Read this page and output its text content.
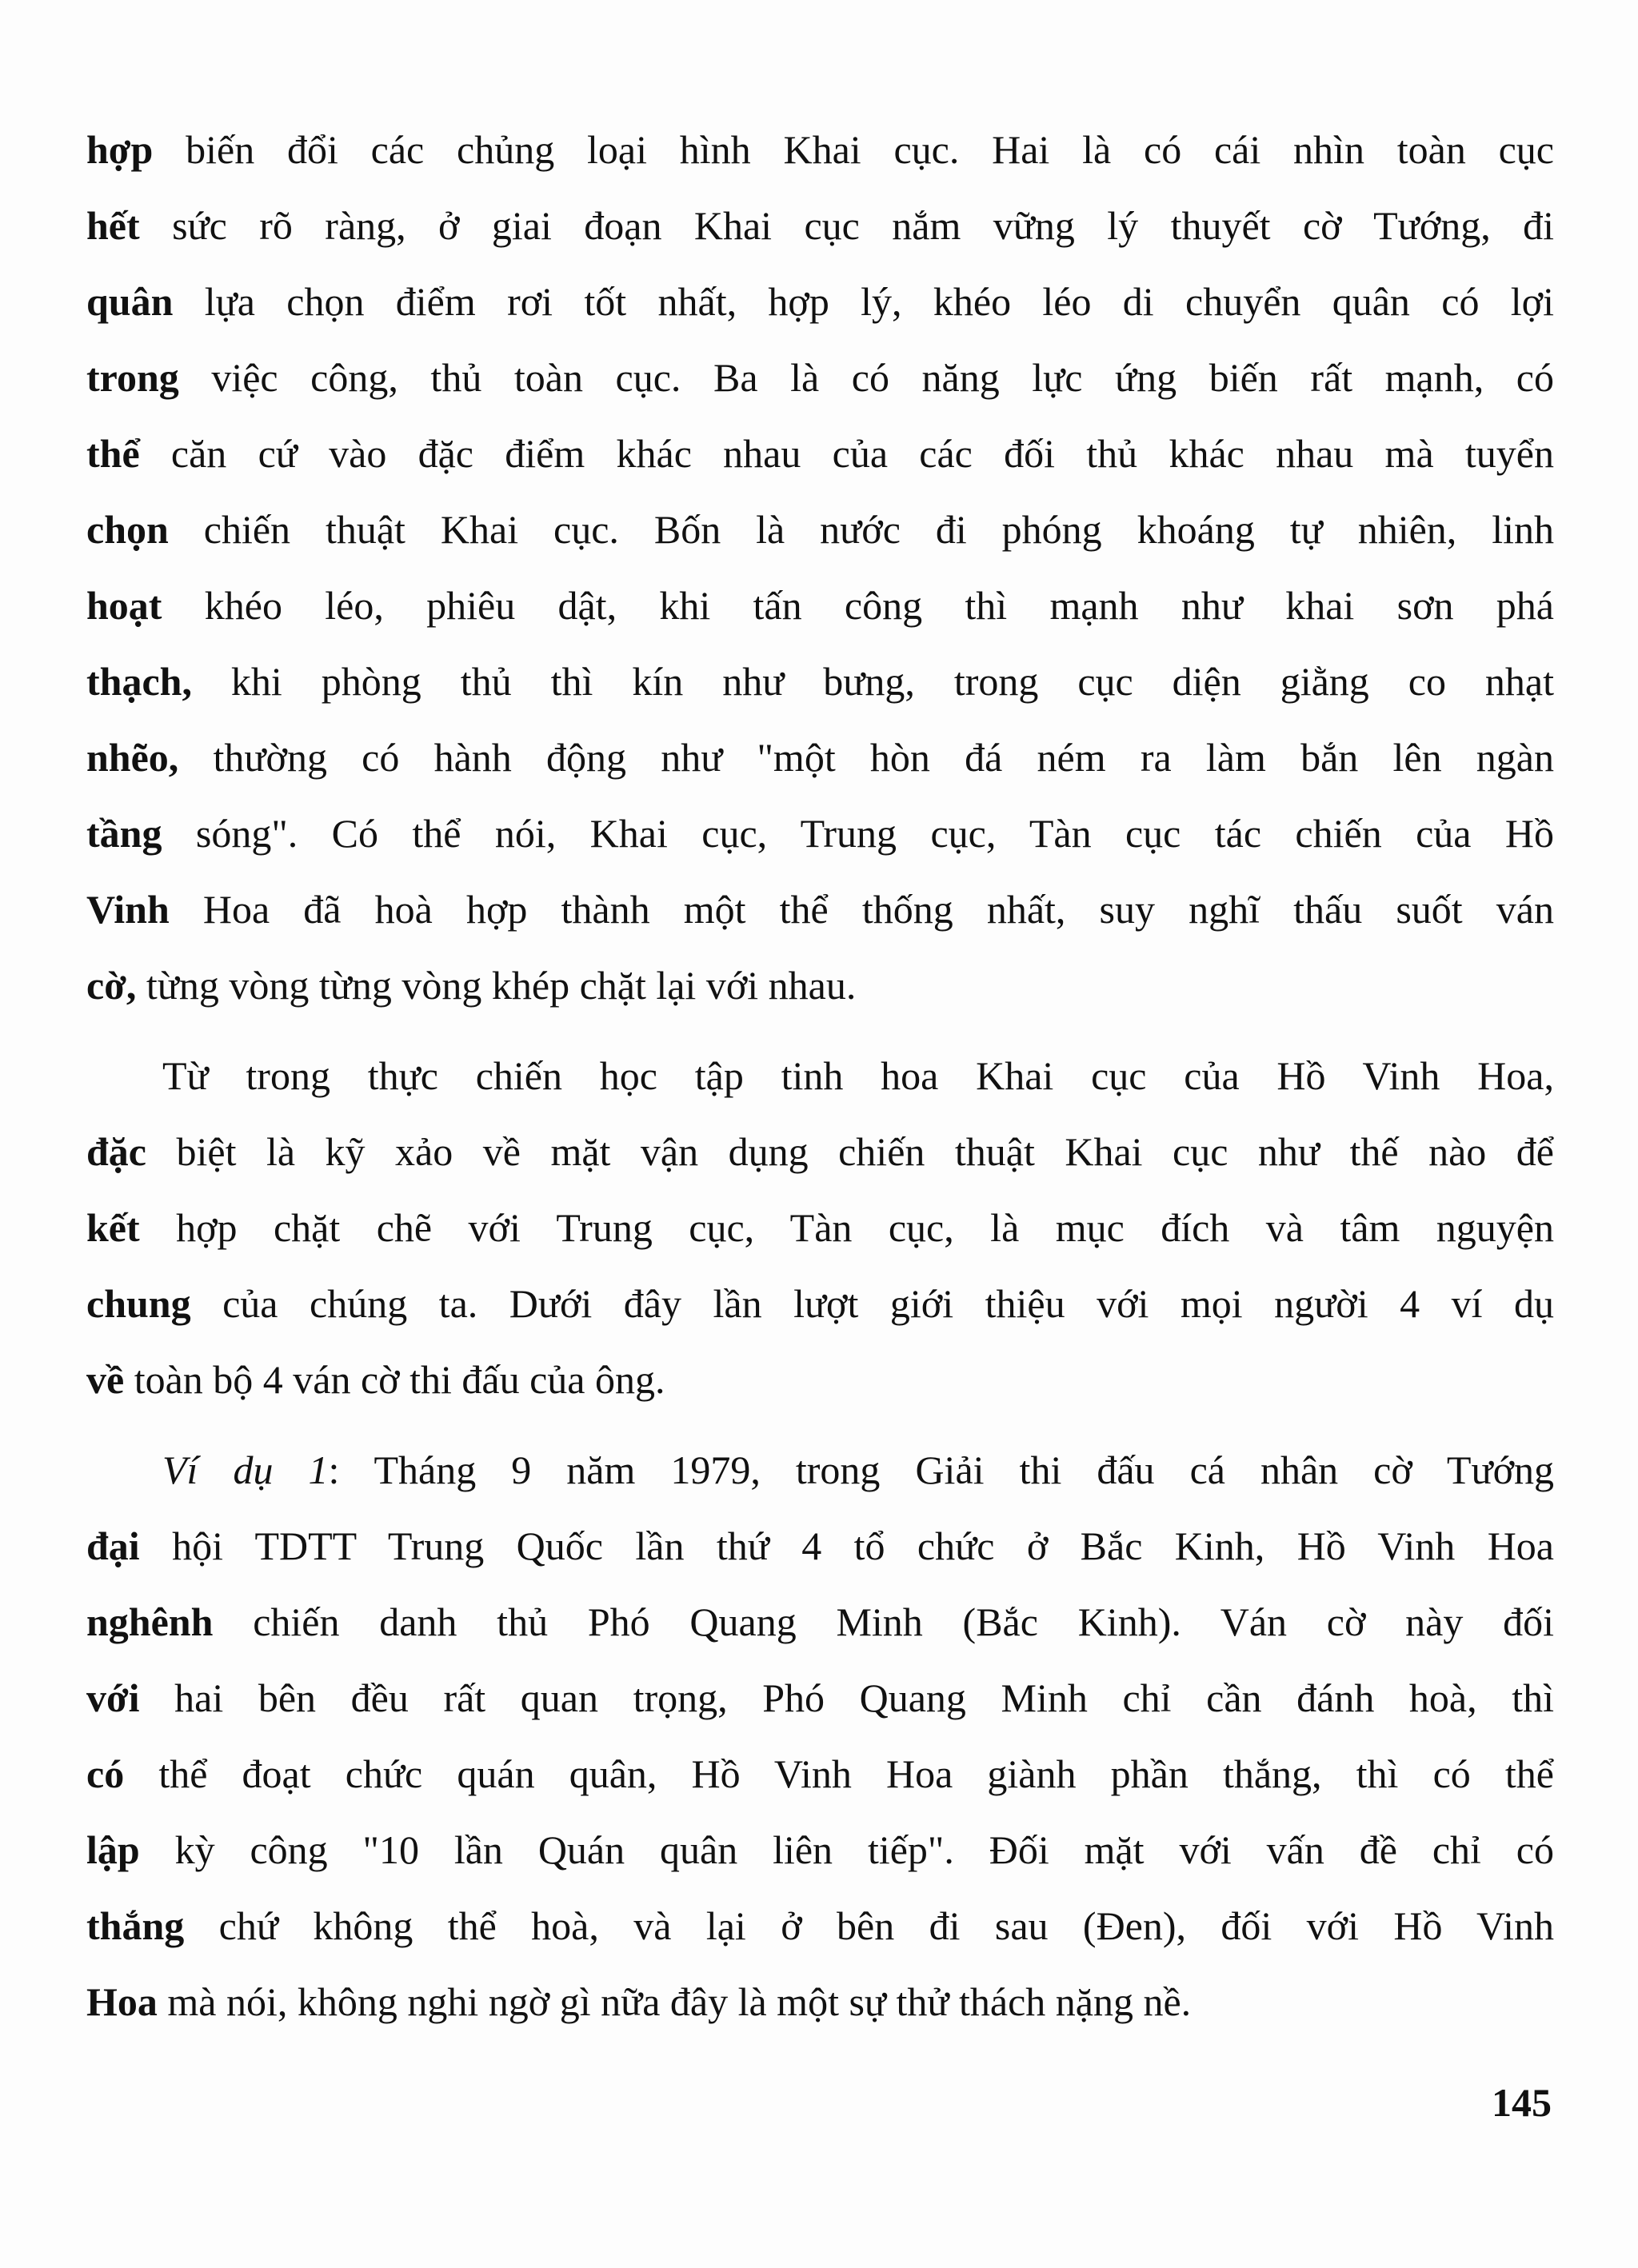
hợp biến đổi các chủng loại hình Khai cục. Hai là có cái nhìn toàn cục
hết sức rõ ràng, ở giai đoạn Khai cục nắm vững lý thuyết cờ Tướng, đi
quân lựa chọn điểm rơi tốt nhất, hợp lý, khéo léo di chuyển quân có lợi
trong việc công, thủ toàn cục. Ba là có năng lực ứng biến rất mạnh, có
thể căn cứ vào đặc điểm khác nhau của các đối thủ khác nhau mà tuyển
chọn chiến thuật Khai cục. Bốn là nước đi phóng khoáng tự nhiên, linh
hoạt khéo léo, phiêu dật, khi tấn công thì mạnh như khai sơn phá
thạch, khi phòng thủ thì kín như bưng, trong cục diện giằng co nhạt
nhẽo, thường có hành động như "một hòn đá ném ra làm bắn lên ngàn
tầng sóng". Có thể nói, Khai cục, Trung cục, Tàn cục tác chiến của Hồ
Vinh Hoa đã hoà hợp thành một thể thống nhất, suy nghĩ thấu suốt ván
cờ, từng vòng từng vòng khép chặt lại với nhau.
Từ trong thực chiến học tập tinh hoa Khai cục của Hồ Vinh Hoa,
đặc biệt là kỹ xảo về mặt vận dụng chiến thuật Khai cục như thế nào để
kết hợp chặt chẽ với Trung cục, Tàn cục, là mục đích và tâm nguyện
chung của chúng ta. Dưới đây lần lượt giới thiệu với mọi người 4 ví dụ
về toàn bộ 4 ván cờ thi đấu của ông.
Ví dụ 1: Tháng 9 năm 1979, trong Giải thi đấu cá nhân cờ Tướng
đại hội TDTT Trung Quốc lần thứ 4 tổ chức ở Bắc Kinh, Hồ Vinh Hoa
nghênh chiến danh thủ Phó Quang Minh (Bắc Kinh). Ván cờ này đối
với hai bên đều rất quan trọng, Phó Quang Minh chỉ cần đánh hoà, thì
có thể đoạt chức quán quân, Hồ Vinh Hoa giành phần thắng, thì có thể
lập kỳ công "10 lần Quán quân liên tiếp". Đối mặt với vấn đề chỉ có
thắng chứ không thể hoà, và lại ở bên đi sau (Đen), đối với Hồ Vinh
Hoa mà nói, không nghi ngờ gì nữa đây là một sự thử thách nặng nề.
145
